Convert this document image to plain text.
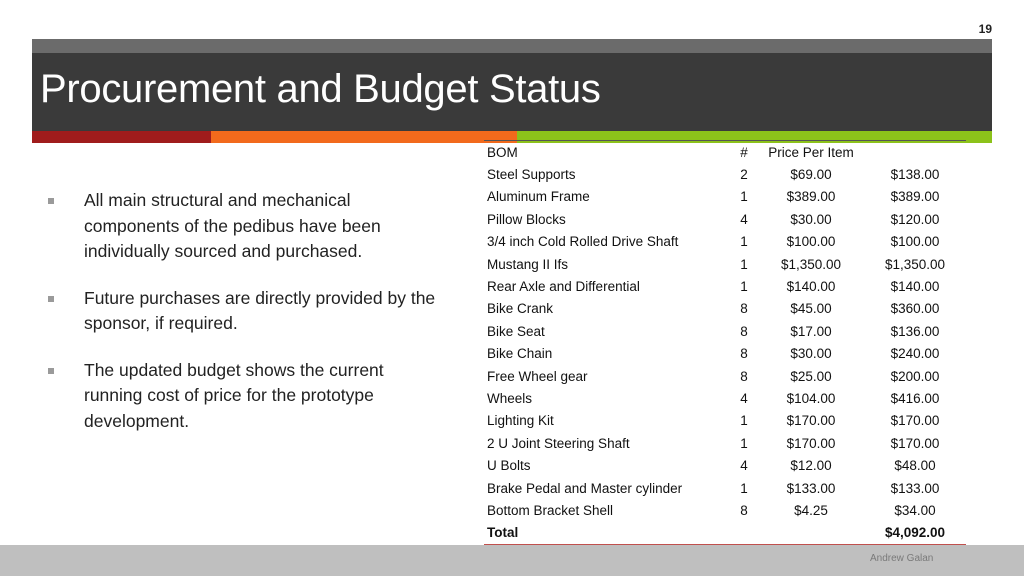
19
Procurement and Budget Status
All main structural and mechanical components of the pedibus have been individually sourced and purchased.
Future purchases are directly provided by the sponsor, if required.
The updated budget shows the current running cost of price for the prototype development.
BOM	#	Price Per Item	
Steel Supports	2	$69.00	$138.00
Aluminum Frame	1	$389.00	$389.00
Pillow Blocks	4	$30.00	$120.00
3/4 inch Cold Rolled Drive Shaft	1	$100.00	$100.00
Mustang II Ifs	1	$1,350.00	$1,350.00
Rear Axle and Differential	1	$140.00	$140.00
Bike Crank	8	$45.00	$360.00
Bike Seat	8	$17.00	$136.00
Bike Chain	8	$30.00	$240.00
Free Wheel gear	8	$25.00	$200.00
Wheels	4	$104.00	$416.00
Lighting Kit	1	$170.00	$170.00
2 U Joint Steering Shaft	1	$170.00	$170.00
U Bolts	4	$12.00	$48.00
Brake Pedal and Master cylinder	1	$133.00	$133.00
Bottom Bracket Shell	8	$4.25	$34.00
Total			$4,092.00
Andrew Galan
